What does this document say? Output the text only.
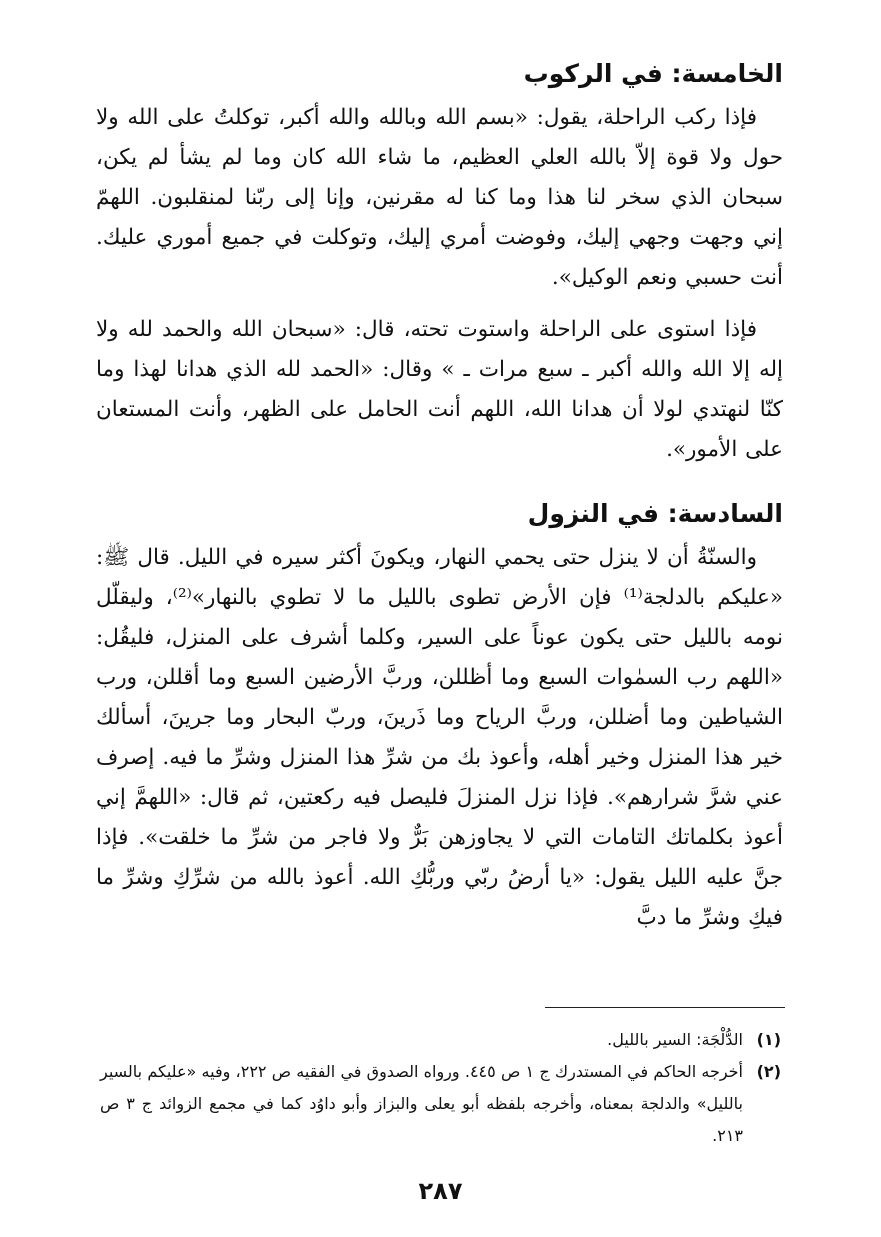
الخامسة: في الركوب

فإذا ركب الراحلة، يقول: «بسم الله وبالله والله أكبر، توكلتُ على الله ولا حول ولا قوة إلاّ بالله العلي العظيم، ما شاء الله كان وما لم يشأ لم يكن، سبحان الذي سخر لنا هذا وما كنا له مقرنين، وإنا إلى ربّنا لمنقلبون. اللهمّ إني وجهت وجهي إليك، وفوضت أمري إليك، وتوكلت في جميع أموري عليك. أنت حسبي ونعم الوكيل».

فإذا استوى على الراحلة واستوت تحته، قال: «سبحان الله والحمد لله ولا إله إلا الله والله أكبر ـ سبع مرات ـ » وقال: «الحمد لله الذي هدانا لهذا وما كنّا لنهتدي لولا أن هدانا الله، اللهم أنت الحامل على الظهر، وأنت المستعان على الأمور».

السادسة: في النزول

والسنّةُ أن لا ينزل حتى يحمي النهار، ويكونَ أكثر سيره في الليل. قال ﷺ: «عليكم بالدلجة⁽¹⁾ فإن الأرض تطوى بالليل ما لا تطوي بالنهار»⁽²⁾، وليقلّل نومه بالليل حتى يكون عوناً على السير، وكلما أشرف على المنزل، فليقُل: «اللهم رب السمٰوات السبع وما أظللن، وربَّ الأرضين السبع وما أقللن، ورب الشياطين وما أضللن، وربَّ الرياح وما ذَرينَ، وربّ البحار وما جرينَ، أسألك خير هذا المنزل وخير أهله، وأعوذ بك من شرِّ هذا المنزل وشرِّ ما فيه. إصرف عني شرَّ شرارهم». فإذا نزل المنزلَ فليصل فيه ركعتين، ثم قال: «اللهمَّ إني أعوذ بكلماتك التامات التي لا يجاوزهن بَرٌّ ولا فاجر من شرِّ ما خلقت». فإذا جنَّ عليه الليل يقول: «يا أرضُ ربّي وربُّكِ الله. أعوذ بالله من شرِّكِ وشرِّ ما فيكِ وشرِّ ما دبَّ

(١)
الدُّلْجَة: السير بالليل.
(٢)
أخرجه الحاكم في المستدرك ج ١ ص ٤٤٥. ورواه الصدوق في الفقيه ص ٢٢٢، وفيه «عليكم بالسير بالليل» والدلجة بمعناه، وأخرجه بلفظه أبو يعلى والبزاز وأبو داوُد كما في مجمع الزوائد ج ٣ ص ٢١٣.
٢٨٧
